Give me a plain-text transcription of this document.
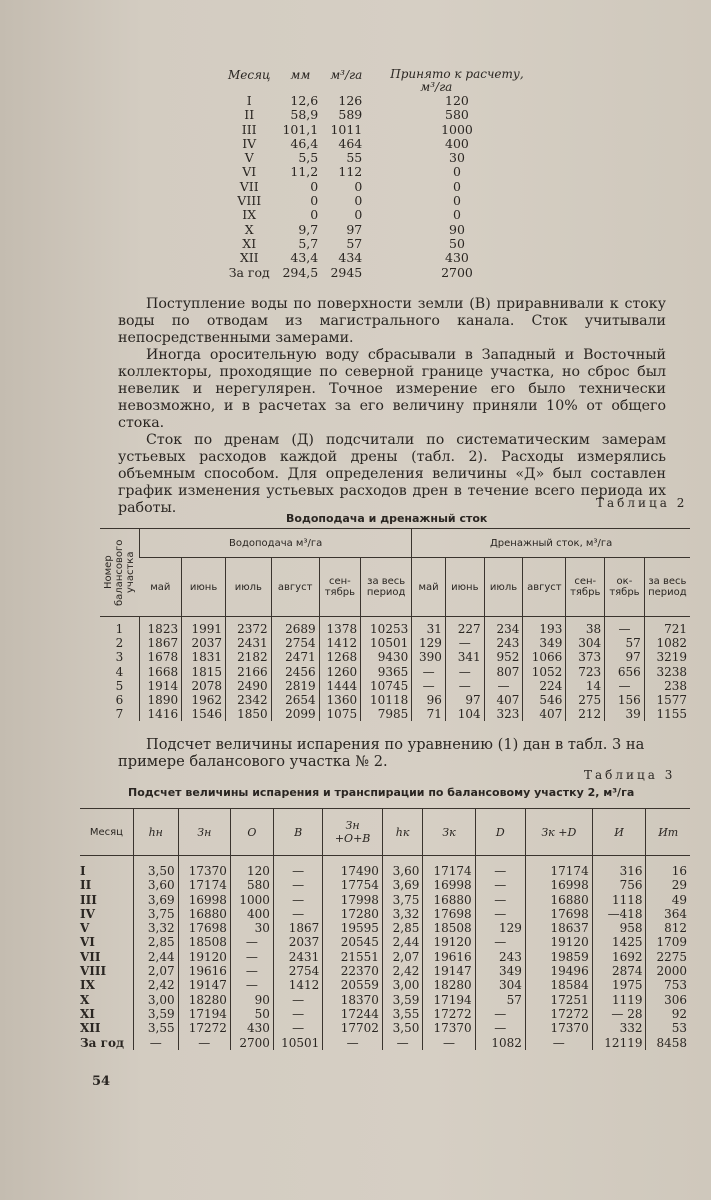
Месяц	мм	м³/га	Принято к расчету,
м³/га
I	12,6	126	120
II	58,9	589	580
III	101,1	1011	1000
IV	46,4	464	400
V	5,5	55	30
VI	11,2	112	0
VII	0	0	0
VIII	0	0	0
IX	0	0	0
X	9,7	97	90
XI	5,7	57	50
XII	43,4	434	430
За год	294,5	2945	2700

Поступление воды по поверхности земли (В) приравнивали к стоку воды по отводам из магистрального канала. Сток учитывали непосредственными замерами.

Иногда оросительную воду сбрасывали в Западный и Восточный коллекторы, проходящие по северной границе участка, но сброс был невелик и нерегулярен. Точное измерение его было технически невозможно, и в расчетах за его величину приняли 10% от общего стока.

Сток по дренам (Д) подсчитали по систематическим замерам устьевых расходов каждой дрены (табл. 2). Расходы измерялись объемным способом. Для определения величины «Д» был составлен график изменения устьевых расходов дрен в течение всего периода их работы.	Таблица 2
Водоподача и дренажный сток
Номер балансового участка	Водоподача м³/га						Дренажный сток, м³/га						
	май	июнь	июль	август	сен-тябрь	за весь период	май	июнь	июль	август	сен-тябрь	ок-тябрь	за весь период
1	1823	1991	2372	2689	1378	10253	31	227	234	193	38	—	721
2	1867	2037	2431	2754	1412	10501	129	—	243	349	304	57	1082
3	1678	1831	2182	2471	1268	9430	390	341	952	1066	373	97	3219
4	1668	1815	2166	2456	1260	9365	—	—	807	1052	723	656	3238
5	1914	2078	2490	2819	1444	10745	—	—	—	224	14	—	238
6	1890	1962	2342	2654	1360	10118	96	97	407	546	275	156	1577
7	1416	1546	1850	2099	1075	7985	71	104	323	407	212	39	1155

Подсчет величины испарения по уравнению (1) дан в табл. 3 на

примере балансового участка № 2.

Таблица 3
Подсчет величины испарения и транспирации по балансовому участку 2, м³/га
Месяц	hн	Зн	О	В	Зн +О+В	hк	Зк	D	Зк +D	И	Иm
I	3,50	17370	120	—	17490	3,60	17174	—	17174	316	16
II	3,60	17174	580	—	17754	3,69	16998	—	16998	756	29
III	3,69	16998	1000	—	17998	3,75	16880	—	16880	1118	49
IV	3,75	16880	400	—	17280	3,32	17698	—	17698	—418	364
V	3,32	17698	30	1867	19595	2,85	18508	129	18637	958	812
VI	2,85	18508	—	2037	20545	2,44	19120	—	19120	1425	1709
VII	2,44	19120	—	2431	21551	2,07	19616	243	19859	1692	2275
VIII	2,07	19616	—	2754	22370	2,42	19147	349	19496	2874	2000
IX	2,42	19147	—	1412	20559	3,00	18280	304	18584	1975	753
X	3,00	18280	90	—	18370	3,59	17194	57	17251	1119	306
XI	3,59	17194	50	—	17244	3,55	17272	—	17272	— 28	92
XII	3,55	17272	430	—	17702	3,50	17370	—	17370	332	53
За год	—	—	2700	10501	—	—	—	1082	—	12119	8458
54
